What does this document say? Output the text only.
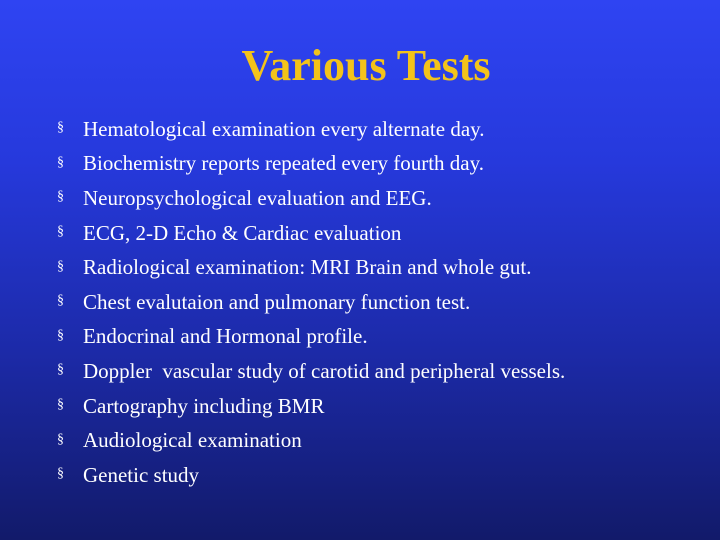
Various Tests
§ Hematological examination every alternate day.
§ Biochemistry reports repeated every fourth day.
§ Neuropsychological evaluation and EEG.
§ ECG, 2-D Echo & Cardiac evaluation
§ Radiological examination: MRI Brain and whole gut.
§ Chest evalutaion and pulmonary function test.
§ Endocrinal and Hormonal profile.
§ Doppler  vascular study of carotid and peripheral vessels.
§ Cartography including BMR
§ Audiological examination
§ Genetic study
